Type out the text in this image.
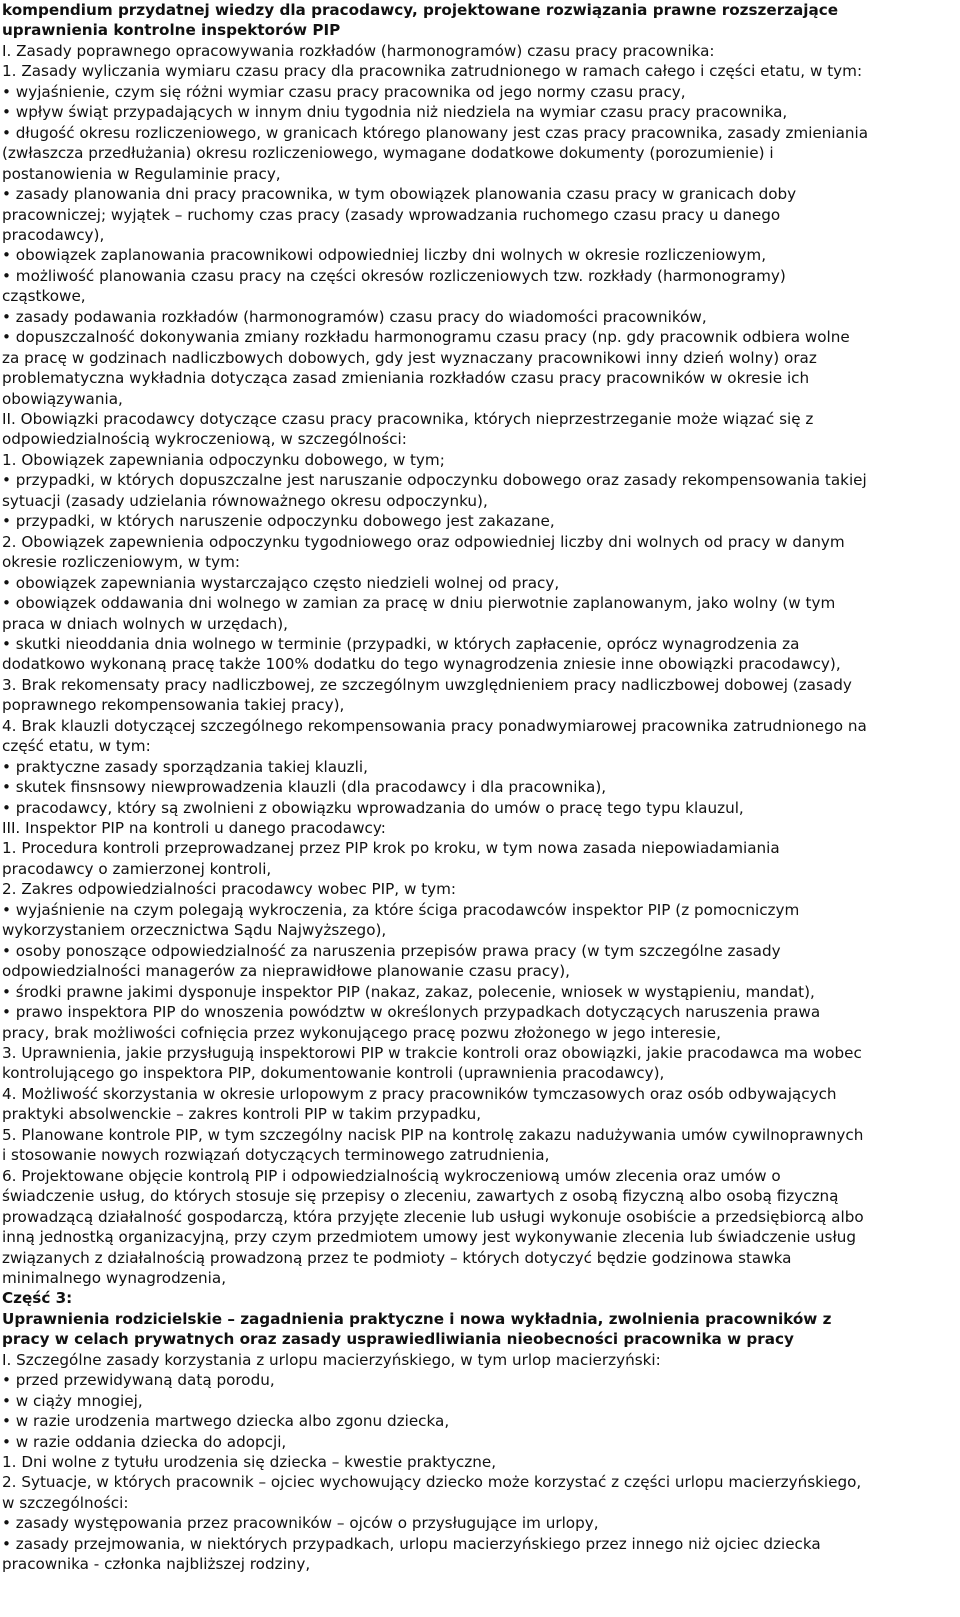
kompendium przydatnej wiedzy dla pracodawcy, projektowane rozwiązania prawne rozszerzające
uprawnienia kontrolne inspektorów PIP
I. Zasady poprawnego opracowywania rozkładów (harmonogramów) czasu pracy pracownika:
1. Zasady wyliczania wymiaru czasu pracy dla pracownika zatrudnionego w ramach całego i części etatu, w tym:
• wyjaśnienie, czym się różni wymiar czasu pracy pracownika od jego normy czasu pracy,
• wpływ świąt przypadających w innym dniu tygodnia niż niedziela na wymiar czasu pracy pracownika,
• długość okresu rozliczeniowego, w granicach którego planowany jest czas pracy pracownika, zasady zmieniania
(zwłaszcza przedłużania) okresu rozliczeniowego, wymagane dodatkowe dokumenty (porozumienie) i
postanowienia w Regulaminie pracy,
• zasady planowania dni pracy pracownika, w tym obowiązek planowania czasu pracy w granicach doby
pracowniczej; wyjątek – ruchomy czas pracy (zasady wprowadzania ruchomego czasu pracy u danego
pracodawcy),
• obowiązek zaplanowania pracownikowi odpowiedniej liczby dni wolnych w okresie rozliczeniowym,
• możliwość planowania czasu pracy na części okresów rozliczeniowych tzw. rozkłady (harmonogramy)
cząstkowe,
• zasady podawania rozkładów (harmonogramów) czasu pracy do wiadomości pracowników,
• dopuszczalność dokonywania zmiany rozkładu harmonogramu czasu pracy (np. gdy pracownik odbiera wolne
za pracę w godzinach nadliczbowych dobowych, gdy jest wyznaczany pracownikowi inny dzień wolny) oraz
problematyczna wykładnia dotycząca zasad zmieniania rozkładów czasu pracy pracowników w okresie ich
obowiązywania,
II. Obowiązki pracodawcy dotyczące czasu pracy pracownika, których nieprzestrzeganie może wiązać się z
odpowiedzialnością wykroczeniową, w szczególności:
1. Obowiązek zapewniania odpoczynku dobowego, w tym;
• przypadki, w których dopuszczalne jest naruszanie odpoczynku dobowego oraz zasady rekompensowania takiej
sytuacji (zasady udzielania równoważnego okresu odpoczynku),
• przypadki, w których naruszenie odpoczynku dobowego jest zakazane,
2. Obowiązek zapewnienia odpoczynku tygodniowego oraz odpowiedniej liczby dni wolnych od pracy w danym
okresie rozliczeniowym, w tym:
• obowiązek zapewniania wystarczająco często niedzieli wolnej od pracy,
• obowiązek oddawania dni wolnego w zamian za pracę w dniu pierwotnie zaplanowanym, jako wolny (w tym
praca w dniach wolnych w urzędach),
• skutki nieoddania dnia wolnego w terminie (przypadki, w których zapłacenie, oprócz wynagrodzenia za
dodatkowo wykonaną pracę także 100% dodatku do tego wynagrodzenia zniesie inne obowiązki pracodawcy),
3. Brak rekomensaty pracy nadliczbowej, ze szczególnym uwzględnieniem pracy nadliczbowej dobowej (zasady
poprawnego rekompensowania takiej pracy),
4. Brak klauzli dotyczącej szczególnego rekompensowania pracy ponadwymiarowej pracownika zatrudnionego na
część etatu, w tym:
• praktyczne zasady sporządzania takiej klauzli,
• skutek finsnsowy niewprowadzenia klauzli (dla pracodawcy i dla pracownika),
• pracodawcy, który są zwolnieni z obowiązku wprowadzania do umów o pracę tego typu klauzul,
III. Inspektor PIP na kontroli u danego pracodawcy:
1. Procedura kontroli przeprowadzanej przez PIP krok po kroku, w tym nowa zasada niepowiadamiania
pracodawcy o zamierzonej kontroli,
2. Zakres odpowiedzialności pracodawcy wobec PIP, w tym:
• wyjaśnienie na czym polegają wykroczenia, za które ściga pracodawców inspektor PIP (z pomocniczym
wykorzystaniem orzecznictwa Sądu Najwyższego),
• osoby ponoszące odpowiedzialność za naruszenia przepisów prawa pracy (w tym szczególne zasady
odpowiedzialności managerów za nieprawidłowe planowanie czasu pracy),
• środki prawne jakimi dysponuje inspektor PIP (nakaz, zakaz, polecenie, wniosek w wystąpieniu, mandat),
• prawo inspektora PIP do wnoszenia powództw w określonych przypadkach dotyczących naruszenia prawa
pracy, brak możliwości cofnięcia przez wykonującego pracę pozwu złożonego w jego interesie,
3. Uprawnienia, jakie przysługują inspektorowi PIP w trakcie kontroli oraz obowiązki, jakie pracodawca ma wobec
kontrolującego go inspektora PIP, dokumentowanie kontroli (uprawnienia pracodawcy),
4. Możliwość skorzystania w okresie urlopowym z pracy pracowników tymczasowych oraz osób odbywających
praktyki absolwenckie – zakres kontroli PIP w takim przypadku,
5. Planowane kontrole PIP, w tym szczególny nacisk PIP na kontrolę zakazu nadużywania umów cywilnoprawnych
i stosowanie nowych rozwiązań dotyczących terminowego zatrudnienia,
6. Projektowane objęcie kontrolą PIP i odpowiedzialnością wykroczeniową umów zlecenia oraz umów o
świadczenie usług, do których stosuje się przepisy o zleceniu, zawartych z osobą fizyczną albo osobą fizyczną
prowadzącą działalność gospodarczą, która przyjęte zlecenie lub usługi wykonuje osobiście a przedsiębiorcą albo
inną jednostką organizacyjną, przy czym przedmiotem umowy jest wykonywanie zlecenia lub świadczenie usług
związanych z działalnością prowadzoną przez te podmioty – których dotyczyć będzie godzinowa stawka
minimalnego wynagrodzenia,
Część 3:
Uprawnienia rodzicielskie – zagadnienia praktyczne i nowa wykładnia, zwolnienia pracowników z
pracy w celach prywatnych oraz zasady usprawiedliwiania nieobecności pracownika w pracy
I. Szczególne zasady korzystania z urlopu macierzyńskiego, w tym urlop macierzyński:
• przed przewidywaną datą porodu,
• w ciąży mnogiej,
• w razie urodzenia martwego dziecka albo zgonu dziecka,
• w razie oddania dziecka do adopcji,
1. Dni wolne z tytułu urodzenia się dziecka – kwestie praktyczne,
2. Sytuacje, w których pracownik – ojciec wychowujący dziecko może korzystać z części urlopu macierzyńskiego,
w szczególności:
• zasady występowania przez pracowników – ojców o przysługujące im urlopy,
• zasady przejmowania, w niektórych przypadkach, urlopu macierzyńskiego przez innego niż ojciec dziecka
pracownika - członka najbliższej rodziny,
